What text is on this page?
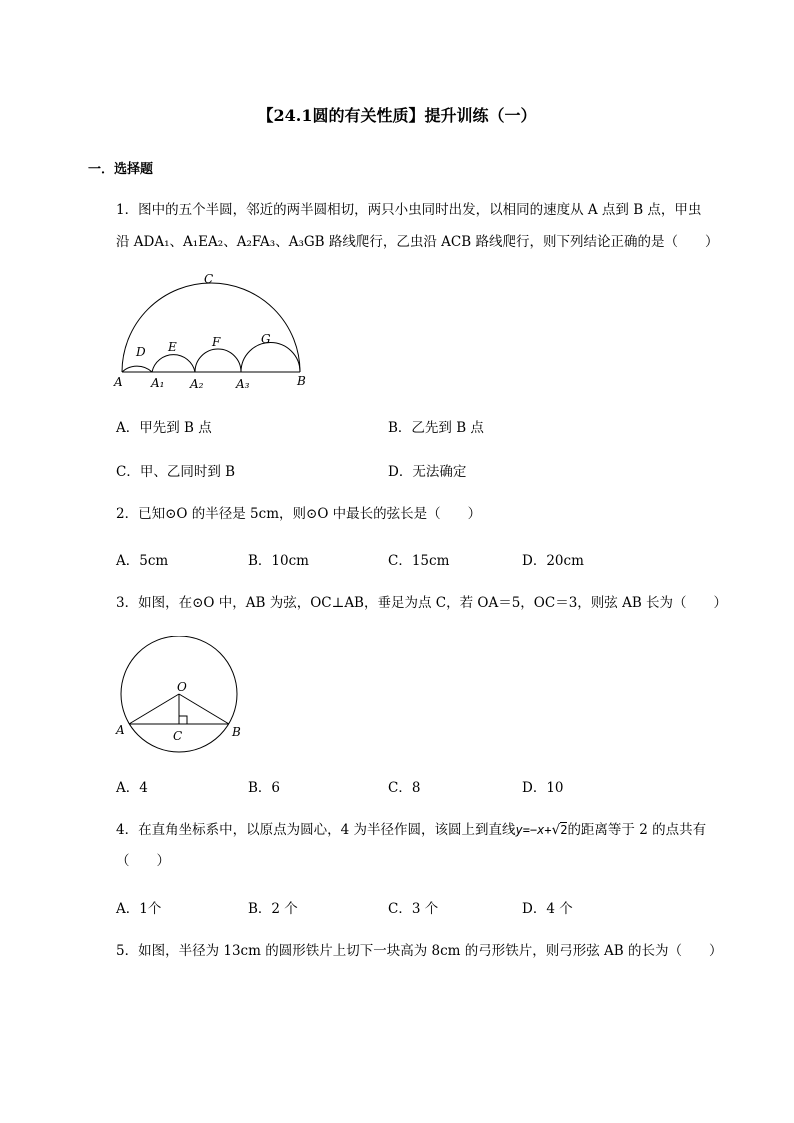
【24.1圆的有关性质】提升训练（一）
一．选择题
1．图中的五个半圆，邻近的两半圆相切，两只小虫同时出发，以相同的速度从 A 点到 B 点，甲虫
沿 ADA₁、A₁EA₂、A₂FA₃、A₃GB 路线爬行，乙虫沿 ACB 路线爬行，则下列结论正确的是（　　）
C
D E	F	G
A A₁ A₂	A₃	B
A．甲先到 B 点	B．乙先到 B 点
C．甲、乙同时到 B	D．无法确定
2．已知⊙O 的半径是 5cm，则⊙O 中最长的弦长是（　　）
A．5cm	B．10cm	C．15cm	D．20cm
3．如图，在⊙O 中，AB 为弦，OC⊥AB，垂足为点 C，若 OA＝5，OC＝3，则弦 AB 长为（　　）
O
A	B
C
A．4	B．6	C．8	D．10
4．在直角坐标系中，以原点为圆心，4 为半径作圆，该圆上到直线y=−x+√2的距离等于 2 的点共有
（　　）
A．1个	B．2 个	C．3 个	D．4 个
5．如图，半径为 13cm 的圆形铁片上切下一块高为 8cm 的弓形铁片，则弓形弦 AB 的长为（　　）
